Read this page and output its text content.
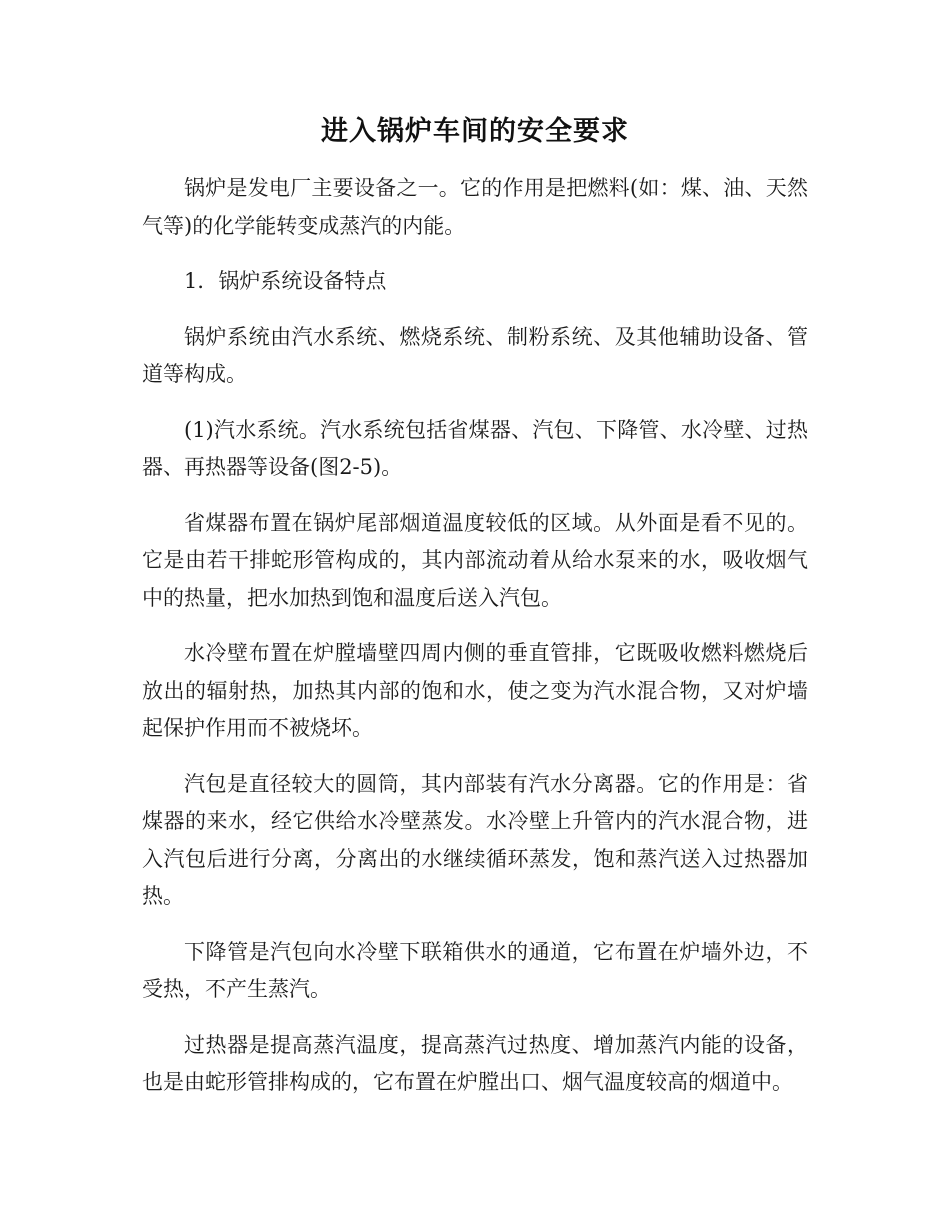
进入锅炉车间的安全要求

锅炉是发电厂主要设备之一。它的作用是把燃料(如：煤、油、天然气等)的化学能转变成蒸汽的内能。

1．锅炉系统设备特点

锅炉系统由汽水系统、燃烧系统、制粉系统、及其他辅助设备、管道等构成。

(1)汽水系统。汽水系统包括省煤器、汽包、下降管、水冷壁、过热器、再热器等设备(图2-5)。

省煤器布置在锅炉尾部烟道温度较低的区域。从外面是看不见的。它是由若干排蛇形管构成的，其内部流动着从给水泵来的水，吸收烟气中的热量，把水加热到饱和温度后送入汽包。

水冷壁布置在炉膛墙壁四周内侧的垂直管排，它既吸收燃料燃烧后放出的辐射热，加热其内部的饱和水，使之变为汽水混合物，又对炉墙起保护作用而不被烧坏。

汽包是直径较大的圆筒，其内部装有汽水分离器。它的作用是：省煤器的来水，经它供给水冷壁蒸发。水冷壁上升管内的汽水混合物，进入汽包后进行分离，分离出的水继续循环蒸发，饱和蒸汽送入过热器加热。

下降管是汽包向水冷壁下联箱供水的通道，它布置在炉墙外边，不受热，不产生蒸汽。

过热器是提高蒸汽温度，提高蒸汽过热度、增加蒸汽内能的设备，也是由蛇形管排构成的，它布置在炉膛出口、烟气温度较高的烟道中。
